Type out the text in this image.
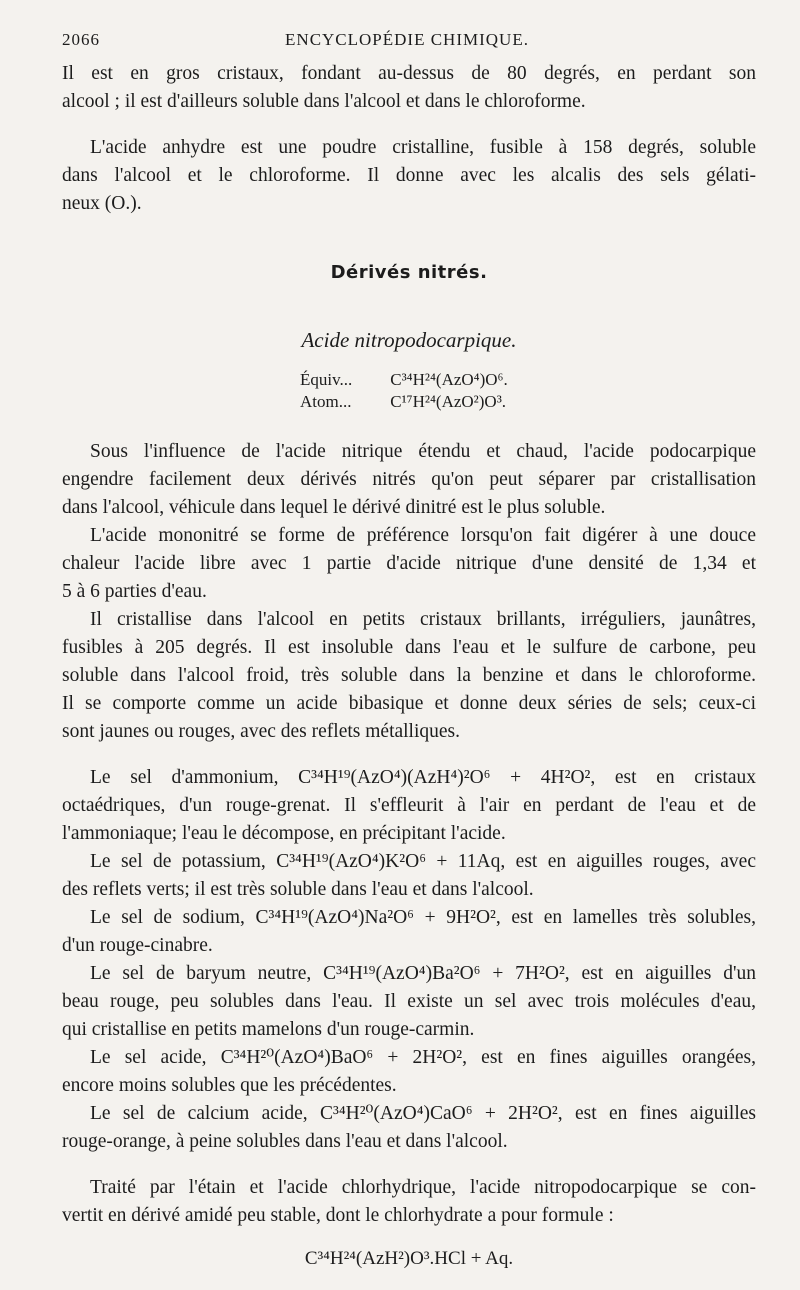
2066	ENCYCLOPÉDIE CHIMIQUE.
Il est en gros cristaux, fondant au-dessus de 80 degrés, en perdant son
alcool ; il est d'ailleurs soluble dans l'alcool et dans le chloroforme.
L'acide anhydre est une poudre cristalline, fusible à 158 degrés, soluble
dans l'alcool et le chloroforme. Il donne avec les alcalis des sels gélati-
neux (O.).
Dérivés nitrés.
Acide nitropodocarpique.
Équiv... C³⁴H²⁴(AzO⁴)O⁶.
Atom... C¹⁷H²⁴(AzO²)O³.
Sous l'influence de l'acide nitrique étendu et chaud, l'acide podocarpique
engendre facilement deux dérivés nitrés qu'on peut séparer par cristallisation
dans l'alcool, véhicule dans lequel le dérivé dinitré est le plus soluble.
L'acide mononitré se forme de préférence lorsqu'on fait digérer à une douce
chaleur l'acide libre avec 1 partie d'acide nitrique d'une densité de 1,34 et
5 à 6 parties d'eau.
Il cristallise dans l'alcool en petits cristaux brillants, irréguliers, jaunâtres,
fusibles à 205 degrés. Il est insoluble dans l'eau et le sulfure de carbone, peu
soluble dans l'alcool froid, très soluble dans la benzine et dans le chloroforme.
Il se comporte comme un acide bibasique et donne deux séries de sels; ceux-ci
sont jaunes ou rouges, avec des reflets métalliques.
Le sel d'ammonium, C³⁴H¹⁹(AzO⁴)(AzH⁴)²O⁶ + 4H²O², est en cristaux
octaédriques, d'un rouge-grenat. Il s'effleurit à l'air en perdant de l'eau et de
l'ammoniaque; l'eau le décompose, en précipitant l'acide.
Le sel de potassium, C³⁴H¹⁹(AzO⁴)K²O⁶ + 11Aq, est en aiguilles rouges, avec
des reflets verts; il est très soluble dans l'eau et dans l'alcool.
Le sel de sodium, C³⁴H¹⁹(AzO⁴)Na²O⁶ + 9H²O², est en lamelles très solubles,
d'un rouge-cinabre.
Le sel de baryum neutre, C³⁴H¹⁹(AzO⁴)Ba²O⁶ + 7H²O², est en aiguilles d'un
beau rouge, peu solubles dans l'eau. Il existe un sel avec trois molécules d'eau,
qui cristallise en petits mamelons d'un rouge-carmin.
Le sel acide, C³⁴H²⁰(AzO⁴)BaO⁶ + 2H²O², est en fines aiguilles orangées,
encore moins solubles que les précédentes.
Le sel de calcium acide, C³⁴H²⁰(AzO⁴)CaO⁶ + 2H²O², est en fines aiguilles
rouge-orange, à peine solubles dans l'eau et dans l'alcool.
Traité par l'étain et l'acide chlorhydrique, l'acide nitropodocarpique se con-
vertit en dérivé amidé peu stable, dont le chlorhydrate a pour formule :
C³⁴H²⁴(AzH²)O³.HCl + Aq.
